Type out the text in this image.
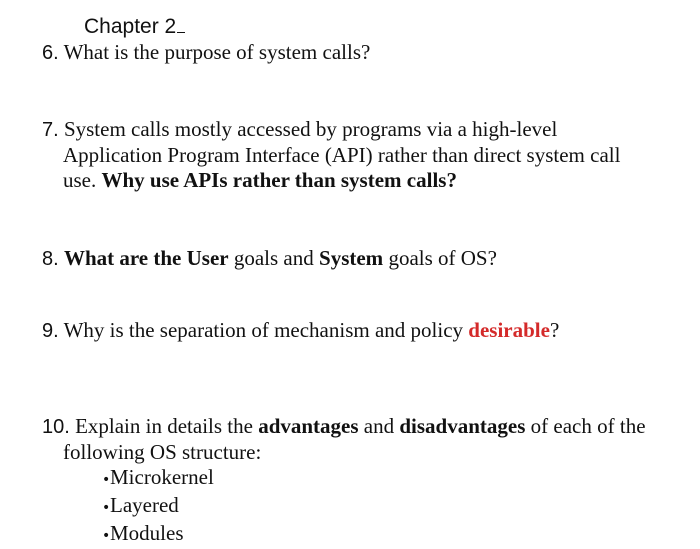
Chapter 2
6. What is the purpose of system calls?
7. System calls mostly accessed by programs via a high-level
Application Program Interface (API) rather than direct system call
use. Why use APIs rather than system calls?
8. What are the User goals and System goals of OS?
9. Why is the separation of mechanism and policy desirable?
10. Explain in details the advantages and disadvantages of each of the
following OS structure:
•Microkernel
•Layered
•Modules
